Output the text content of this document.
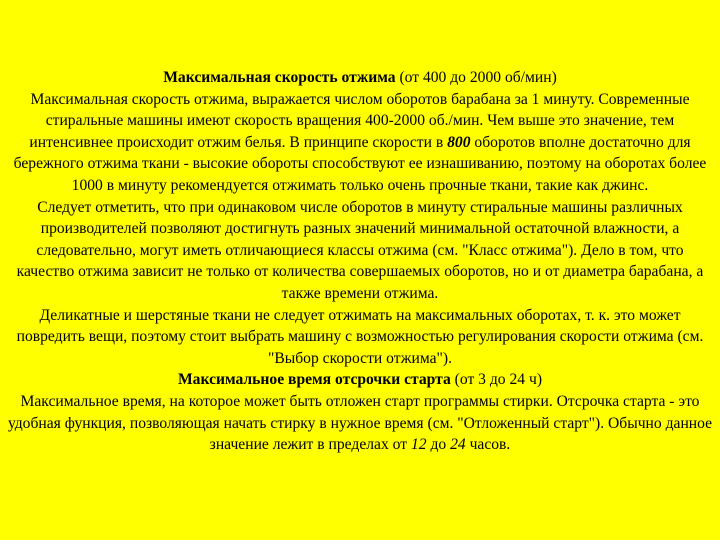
Максимальная скорость отжима (от 400 до 2000 об/мин)

Максимальная скорость отжима, выражается числом оборотов барабана за 1 минуту. Современные стиральные машины имеют скорость вращения 400-2000 об./мин. Чем выше это значение, тем интенсивнее происходит отжим белья. В принципе скорости в 800 оборотов вполне достаточно для бережного отжима ткани - высокие обороты способствуют ее изнашиванию, поэтому на оборотах более 1000 в минуту рекомендуется отжимать только очень прочные ткани, такие как джинс.

Следует отметить, что при одинаковом числе оборотов в минуту стиральные машины различных производителей позволяют достигнуть разных значений минимальной остаточной влажности, а следовательно, могут иметь отличающиеся классы отжима (см. "Класс отжима"). Дело в том, что качество отжима зависит не только от количества совершаемых оборотов, но и от диаметра барабана, а также времени отжима.

Деликатные и шерстяные ткани не следует отжимать на максимальных оборотах, т. к. это может повредить вещи, поэтому стоит выбрать машину с возможностью регулирования скорости отжима (см. "Выбор скорости отжима").

Максимальное время отсрочки старта (от 3 до 24 ч)

Максимальное время, на которое может быть отложен старт программы стирки. Отсрочка старта - это удобная функция, позволяющая начать стирку в нужное время (см. "Отложенный старт"). Обычно данное значение лежит в пределах от 12 до 24 часов.
